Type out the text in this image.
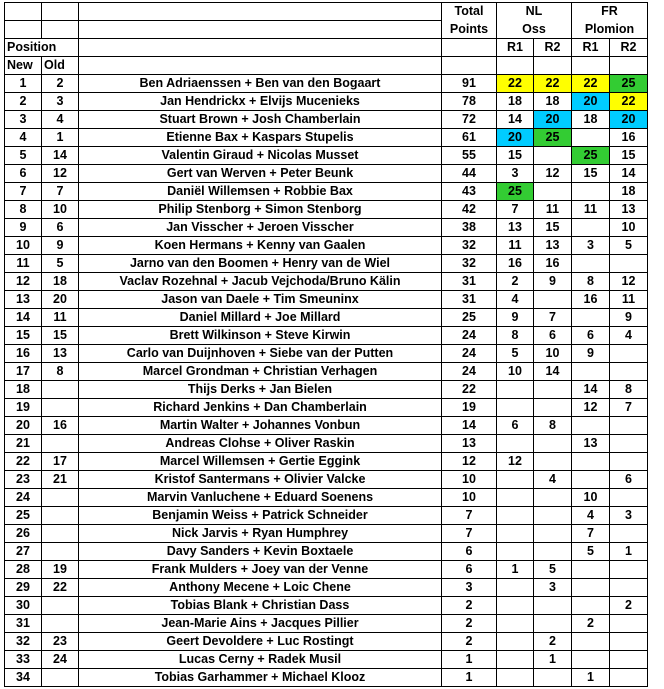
			Total	NL		FR	
			Points	Oss		Plomion	
Position				R1	R2	R1	R2
New	Old						
1	2	Ben Adriaenssen + Ben van den Bogaart	91	22	22	22	25
2	3	Jan Hendrickx + Elvijs Mucenieks	78	18	18	20	22
3	4	Stuart Brown + Josh Chamberlain	72	14	20	18	20
4	1	Etienne Bax + Kaspars Stupelis	61	20	25		16
5	14	Valentin Giraud + Nicolas Musset	55	15		25	15
6	12	Gert van Werven + Peter Beunk	44	3	12	15	14
7	7	Daniël Willemsen + Robbie Bax	43	25			18
8	10	Philip Stenborg + Simon Stenborg	42	7	11	11	13
9	6	Jan Visscher + Jeroen Visscher	38	13	15		10
10	9	Koen Hermans + Kenny van Gaalen	32	11	13	3	5
11	5	Jarno van den Boomen + Henry van de Wiel	32	16	16		
12	18	Vaclav Rozehnal + Jacub Vejchoda/Bruno Kälin	31	2	9	8	12
13	20	Jason van Daele + Tim Smeuninx	31	4		16	11
14	11	Daniel Millard + Joe Millard	25	9	7		9
15	15	Brett Wilkinson + Steve Kirwin	24	8	6	6	4
16	13	Carlo van Duijnhoven + Siebe van der Putten	24	5	10	9	
17	8	Marcel Grondman + Christian Verhagen	24	10	14		
18		Thijs Derks + Jan Bielen	22			14	8
19		Richard Jenkins + Dan Chamberlain	19			12	7
20	16	Martin Walter + Johannes Vonbun	14	6	8		
21		Andreas Clohse + Oliver Raskin	13			13	
22	17	Marcel Willemsen + Gertie Eggink	12	12			
23	21	Kristof Santermans + Olivier Valcke	10		4		6
24		Marvin Vanluchene + Eduard Soenens	10			10	
25		Benjamin Weiss + Patrick Schneider	7			4	3
26		Nick Jarvis + Ryan Humphrey	7			7	
27		Davy Sanders + Kevin Boxtaele	6			5	1
28	19	Frank Mulders + Joey van der Venne	6	1	5		
29	22	Anthony Mecene + Loic Chene	3		3		
30		Tobias Blank + Christian Dass	2				2
31		Jean-Marie Ains + Jacques Pillier	2			2	
32	23	Geert Devoldere + Luc Rostingt	2		2		
33	24	Lucas Cerny + Radek Musil	1		1		
34		Tobias Garhammer + Michael Klooz	1			1	
